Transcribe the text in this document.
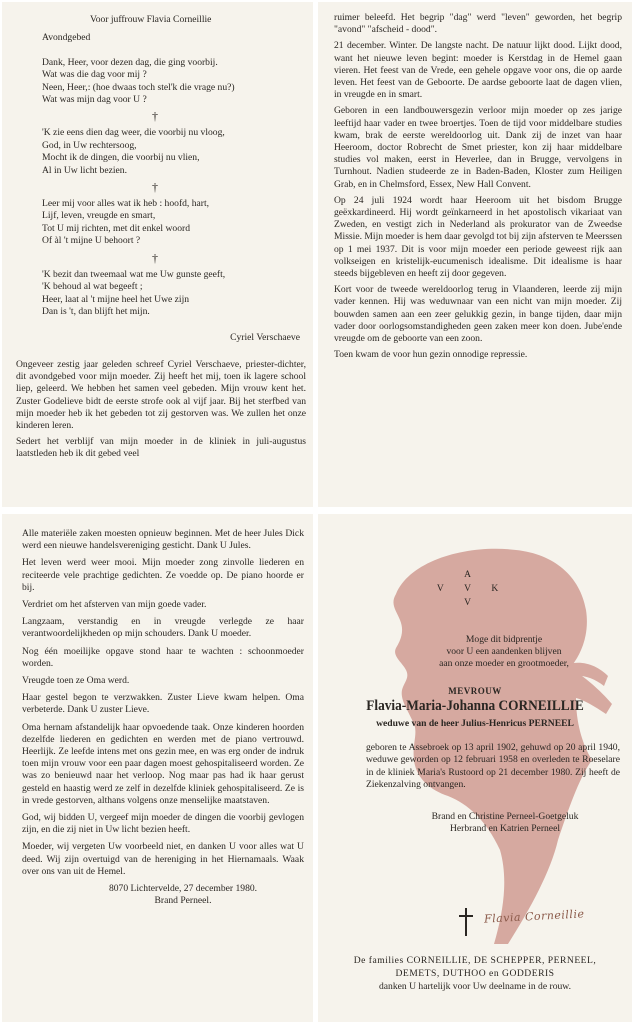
Voor juffrouw Flavia Corneillie
Avondgebed
Dank, Heer, voor dezen dag, die ging voorbij.
Wat was die dag voor mij ?
Neen, Heer,: (hoe dwaas toch stel'k die vrage nu?)
Wat was mijn dag voor U ?
†
'K zie eens dien dag weer, die voorbij nu vloog,
God, in Uw rechtersoog,
Mocht ik de dingen, die voorbij nu vlien,
Al in Uw licht bezien.
†
Leer mij voor alles wat ik heb : hoofd, hart,
Lijf, leven, vreugde en smart,
Tot U mij richten, met dit enkel woord
Of àl 't mijne U behoort ?
†
'K bezit dan tweemaal wat me Uw gunste geeft,
'K behoud al wat begeeft ;
Heer, laat al 't mijne heel het Uwe zijn
Dan is 't, dan blijft het mijn.
Cyriel Verschaeve

Ongeveer zestig jaar geleden schreef Cyriel Verschaeve, priester-dichter, dit avondgebed voor mijn moeder. Zij heeft het mij, toen ik lagere school liep, geleerd. We hebben het samen veel gebeden. Mijn vrouw kent het. Zuster Godelieve bidt de eerste strofe ook al vijf jaar. Bij het sterfbed van mijn moeder heb ik het gebeden tot zij gestorven was. We zullen het onze kinderen leren.

Sedert het verblijf van mijn moeder in de kliniek in juli-augustus laatstleden heb ik dit gebed veel

ruimer beleefd. Het begrip "dag" werd "leven" geworden, het begrip "avond" "afscheid - dood".

21 december. Winter. De langste nacht. De natuur lijkt dood. Lijkt dood, want het nieuwe leven begint: moeder is Kerstdag in de Hemel gaan vieren. Het feest van de Vrede, een gehele opgave voor ons, die op aarde leven. Het feest van de Geboorte. De aardse geboorte laat de dagen vlien, in vreugde en in smart.

Geboren in een landbouwersgezin verloor mijn moeder op zes jarige leeftijd haar vader en twee broertjes. Toen de tijd voor middelbare studies kwam, brak de eerste wereldoorlog uit. Dank zij de inzet van haar Heeroom, doctor Robrecht de Smet priester, kon zij haar middelbare studies vol maken, eerst in Heverlee, dan in Brugge, vervolgens in Turnhout. Nadien studeerde ze in Baden-Baden, Kloster zum Heiligen Grab, en in Chelmsford, Essex, New Hall Convent.

Op 24 juli 1924 wordt haar Heeroom uit het bisdom Brugge geëxkardineerd. Hij wordt geïnkarneerd in het apostolisch vikariaat van Zweden, en vestigt zich in Nederland als prokurator van de Zweedse Missie. Mijn moeder is hem daar gevolgd tot bij zijn afsterven te Meerssen op 1 mei 1937. Dit is voor mijn moeder een periode geweest rijk aan volkseigen en kristelijk-eucumenisch idealisme. Dit idealisme is haar steeds bijgebleven en heeft zij door gegeven.

Kort voor de tweede wereldoorlog terug in Vlaanderen, leerde zij mijn vader kennen. Hij was weduwnaar van een nicht van mijn moeder. Zij bouwden samen aan een zeer gelukkig gezin, in bange tijden, daar mijn vader door oorlogsomstandigheden geen zaken meer kon doen. Jube'ende vreugde om de geboorte van een zoon.

Toen kwam de voor hun gezin onnodige repressie.

Alle materiële zaken moesten opnieuw beginnen. Met de heer Jules Dick werd een nieuwe handelsvereniging gesticht. Dank U Jules.

Het leven werd weer mooi. Mijn moeder zong zinvolle liederen en reciteerde vele prachtige gedichten. Ze voedde op. De piano hoorde er bij.

Verdriet om het afsterven van mijn goede vader.

Langzaam, verstandig en in vreugde verlegde ze haar verantwoordelijkheden op mijn schouders. Dank U moeder.

Nog één moeilijke opgave stond haar te wachten : schoonmoeder worden.

Vreugde toen ze Oma werd.

Haar gestel begon te verzwakken. Zuster Lieve kwam helpen. Oma verbeterde. Dank U zuster Lieve.

Oma hernam afstandelijk haar opvoedende taak. Onze kinderen hoorden dezelfde liederen en gedichten en werden met de piano vertrouwd. Heerlijk. Ze leefde intens met ons gezin mee, en was erg onder de indruk toen mijn vrouw voor een paar dagen moest gehospitaliseerd worden. Ze was zo benieuwd naar het verloop. Nog maar pas had ik haar gerust gesteld en haastig werd ze zelf in dezelfde kliniek gehospitaliseerd. Ze is in vrede gestorven, althans volgens onze menselijke maatstaven.

God, wij bidden U, vergeef mijn moeder de dingen die voorbij gevlogen zijn, en die zij niet in Uw licht bezien heeft.

Moeder, wij vergeten Uw voorbeeld niet, en danken U voor alles wat U deed. Wij zijn overtuigd van de hereniging in het Hiernamaals. Waak over ons van uit de Hemel.

8070 Lichtervelde, 27 december 1980.
Brand Perneel.
A
V V K
V
Moge dit bidprentje
voor U een aandenken blijven
aan onze moeder en grootmoeder,
MEVROUW
Flavia-Maria-Johanna CORNEILLIE
weduwe van de heer Julius-Henricus PERNEEL
geboren te Assebroek op 13 april 1902, gehuwd op 20 april 1940, weduwe geworden op 12 februari 1958 en overleden te Roeselare in de kliniek Maria's Rustoord op 21 december 1980. Zij heeft de Ziekenzalving ontvangen.
Brand en Christine Perneel-Goetgeluk
Herbrand en Katrien Perneel
Flavia Corneillie
De families CORNEILLIE, DE SCHEPPER, PERNEEL,
DEMETS, DUTHOO en GODDERIS
danken U hartelijk voor Uw deelname in de rouw.
